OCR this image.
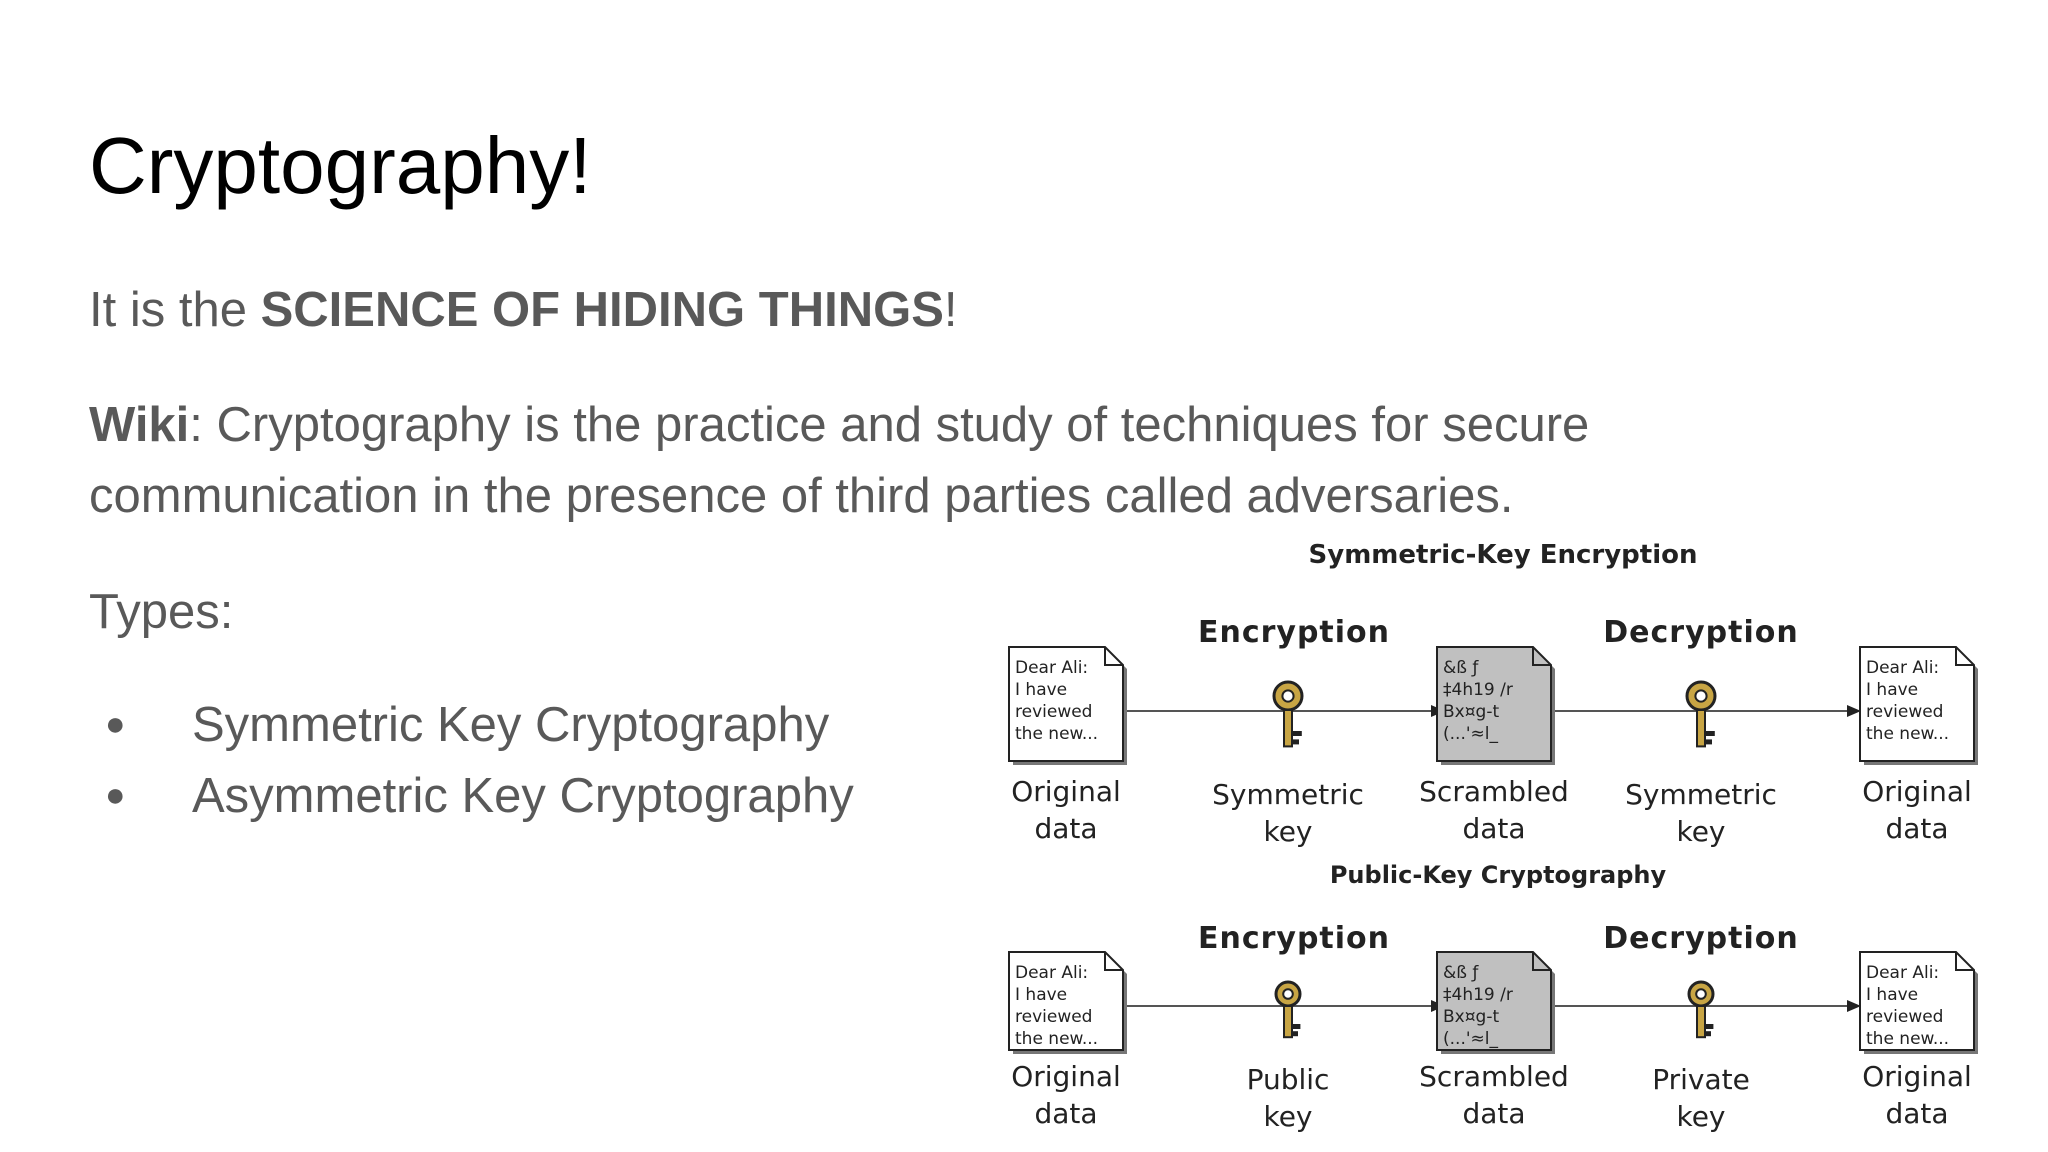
Cryptography!
It is the SCIENCE OF HIDING THINGS!
Wiki: Cryptography is the practice and study of techniques for secure
communication in the presence of third parties called adversaries.
Types:
● Symmetric Key Cryptography
● Asymmetric Key Cryptography
Symmetric-Key Encryption
Encryption	Decryption
Dear Ali:
I have
reviewed
the new...
&ß ƒ
‡4h19 /r
Bx¤g-t
(...'≈l_
Dear Ali:
I have
reviewed
the new...
Original
data
Symmetric
key
Scrambled
data
Symmetric
key
Original
data
Public-Key Cryptography
Encryption	Decryption
Dear Ali:
I have
reviewed
the new...
&ß ƒ
‡4h19 /r
Bx¤g-t
(...'≈l_
Dear Ali:
I have
reviewed
the new...
Original
data
Public
key
Scrambled
data
Private
key
Original
data
